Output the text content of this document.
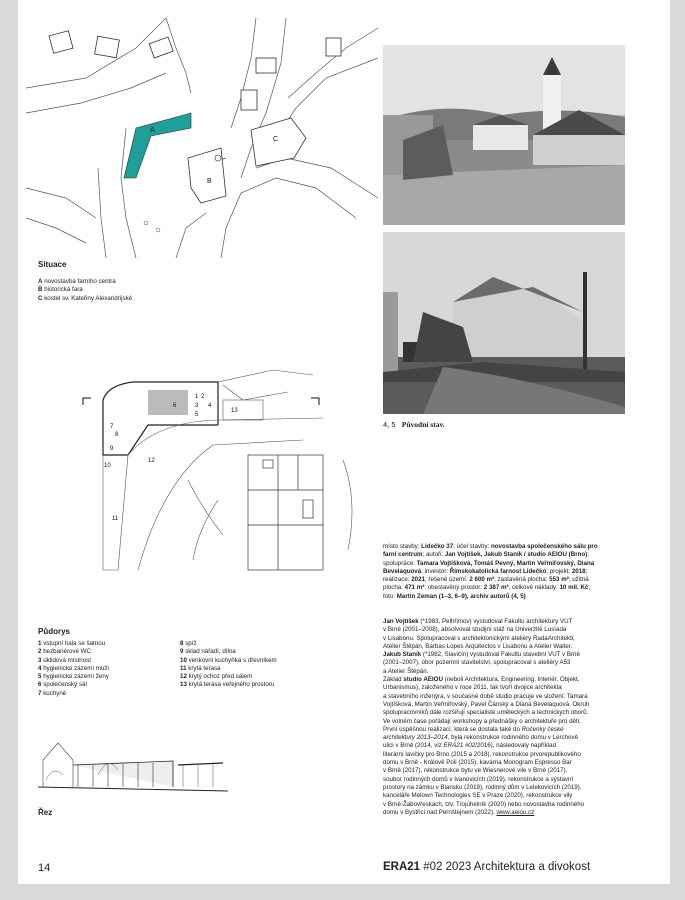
A
B
C
Situace
A novostavba farního centra
B historická fara
C kostel sv. Kateřiny Alexandrijské
4, 5 Původní stav.
1 2
3 4
5
6
7
8
9
10
11
12
13
Půdorys
1 vstupní hala se šatnou
2 bezbariérové WC
3 úklidová místnost
4 hygienické zázemí muži
5 hygienické zázemí ženy
6 společenský sál
7 kuchyně
8 spíž
9 sklad nářadí, dílna
10 venkovní kuchyňka s dřevníkem
11 krytá terasa
12 krytý ochoz před sálem
13 krytá terasa veřejného prostoru
Řez

místo stavby: Lidečko 37; účel stavby: novostavba společenského sálu pro

farní centrum; autoři: Jan Vojtíšek, Jakub Staník / studio AEIOU (Brno);

spolupráce: Tamara Vojtíšková, Tomáš Pevný, Martin Veřmiřovský, Diana

Bevelaquová; investor: Římskokatolická farnost Lidečko; projekt: 2018;

realizace: 2021; řešené území: 2 600 m²; zastavěná plocha: 553 m²; užitná

plocha: 471 m²; obestavěný prostor: 2 387 m³; celkové náklady: 10 mil. Kč;

foto: Martin Zeman (1–3, 6–9), archiv autorů (4, 5)

Jan Vojtíšek (*1983, Pelhřimov) vystudoval Fakultu architektury VUT

v Brně (2001–2008), absolvoval studijní stáž na Univerzitě Lusíada

v Lisabonu. Spolupracoval s architektonickými ateliéry RadaArchitekti,

Atelier Štěpán, Barbas Lopes Arquitectos v Lisabonu a Atelier Walter.

Jakub Staník (*1982, Slavičín) vystudoval Fakultu stavební VUT v Brně

(2001–2007), obor pozemní stavitelství, spolupracoval s ateliéry A53

a Atelier Štěpán.

Základ studio AEIOU (neboli Architektura, Engineering, Interiér, Objekt,

Urbanismus), založeného v roce 2011, tak tvoří dvojice architekta

a stavebního inženýra, v současné době studio pracuje ve složení: Tamara

Vojtíšková, Martin Veřmiřovský, Pavel Čánský a Diana Bevelaquová. Okruh

spolupracovníků dále rozšiřují specialisté uměleckých a technických oborů.

Ve volném čase pořádají workshopy a přednášky o architektuře pro děti.

První úspěšnou realizací, která se dostala také do Ročenky české

architektury 2013–2014, byla rekonstrukce rodinného domu v Lerchově

ulici v Brně (2014, viz ERA21 #02/2016), následovaly například

literární lavičky pro Brno (2015 a 2018), rekonstrukce prvorepublikového

domu v Brně - Králově Poli (2015), kavárna Monogram Espresso Bar

v Brně (2017), rekonstrukce bytu ve Wiesnerově vile v Brně (2017),

soubor rodinných domů v Ivanovicích (2019), rekonstrukce a výstavní

prostory na zámku v Blansku (2019), rodinný dům v Lelekovicích (2019),

kanceláře Melown Technologies SE v Praze (2020), rekonstrukce vily

v Brně-Žabovřeskách, tzv. Trojúhelník (2020) nebo novostavba rodinného

domu v Bystřici nad Pernštejnem (2022). www.aeiou.cz

14	ERA21 #02 2023 Architektura a divokost
